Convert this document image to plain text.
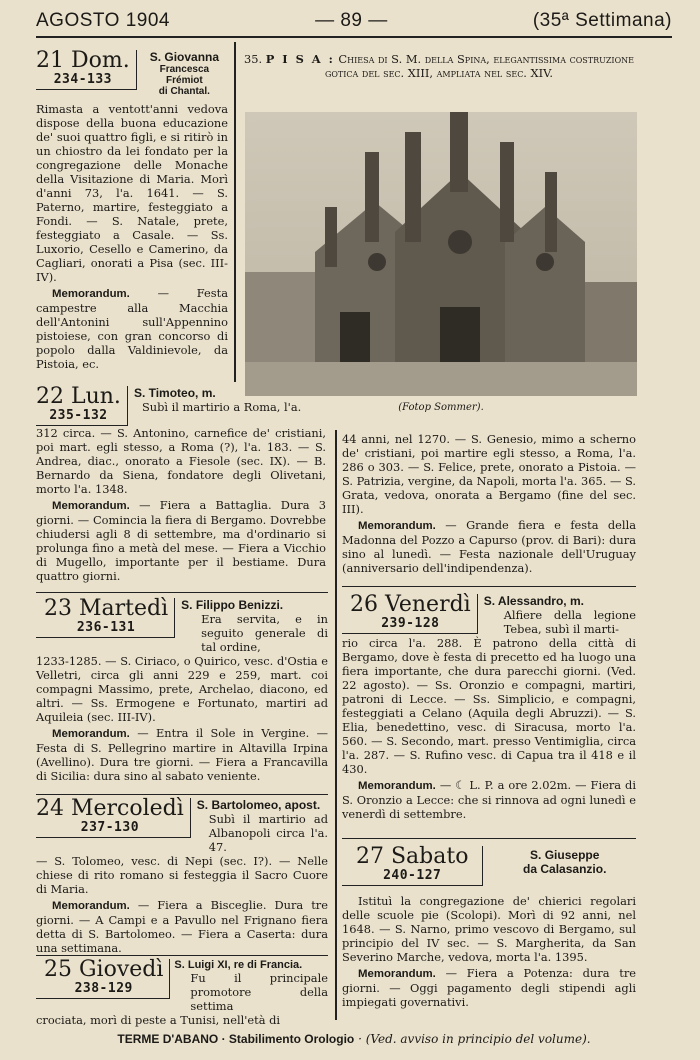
AGOSTO 1904	— 89 —	(35ª Settimana)
21 Dom.
234-133
S. Giovanna
Francesca Frémiot
di Chantal.

Rimasta a ventott'anni vedova dispose della buona educazione de' suoi quattro figli, e si ritirò in un chiostro da lei fondato per la congregazione delle Monache della Visitazione di Maria. Morì d'anni 73, l'a. 1641. — S. Paterno, martire, festeggiato a Fondi. — S. Natale, prete, festeggiato a Casale. — Ss. Luxorio, Cesello e Camerino, da Cagliari, onorati a Pisa (sec. III-IV).

Memorandum. — Festa campestre alla Macchia dell'Antonini sull'Appennino pistoiese, con gran concorso di popolo dalla Valdinievole, da Pistoia, ec.

35. P I S A : Chiesa di S. M. della Spina, elegantissima costruzione gotica del sec. XIII, ampliata nel sec. XIV.
(Fotop Sommer).
22 Lun.
235-132
S. Timoteo, m.

Subì il martirio a Roma, l'a.

312 circa. — S. Antonino, carnefice de' cristiani, poi mart. egli stesso, a Roma (?), l'a. 183. — S. Andrea, diac., onorato a Fiesole (sec. IX). — B. Bernardo da Siena, fondatore degli Olivetani, morto l'a. 1348.

Memorandum. — Fiera a Battaglia. Dura 3 giorni. — Comincia la fiera di Bergamo. Dovrebbe chiudersi agli 8 di settembre, ma d'ordinario si prolunga fino a metà del mese. — Fiera a Vicchio di Mugello, importante per il bestiame. Dura quattro giorni.

44 anni, nel 1270. — S. Genesio, mimo a scherno de' cristiani, poi martire egli stesso, a Roma, l'a. 286 o 303. — S. Felice, prete, onorato a Pistoia. — S. Patrizia, vergine, da Napoli, morta l'a. 365. — S. Grata, vedova, onorata a Bergamo (fine del sec. III).

Memorandum. — Grande fiera e festa della Madonna del Pozzo a Capurso (prov. di Bari): dura sino al lunedì. — Festa nazionale dell'Uruguay (anniversario dell'indipendenza).

23 Martedì
236-131
S. Filippo Benizzi.

Era servita, e in seguito generale di tal ordine,

1233-1285. — S. Ciriaco, o Quirico, vesc. d'Ostia e Velletri, circa gli anni 229 e 259, mart. coi compagni Massimo, prete, Archelao, diacono, ed altri. — Ss. Ermogene e Fortunato, martiri ad Aquileia (sec. III-IV).

Memorandum. — Entra il Sole in Vergine. — Festa di S. Pellegrino martire in Altavilla Irpina (Avellino). Dura tre giorni. — Fiera a Francavilla di Sicilia: dura sino al sabato veniente.

24 Mercoledì
237-130
S. Bartolomeo, apost.

Subì il martirio ad Albanopoli circa l'a. 47.

— S. Tolomeo, vesc. di Nepi (sec. I?). — Nelle chiese di rito romano si festeggia il Sacro Cuore di Maria.

Memorandum. — Fiera a Bisceglie. Dura tre giorni. — A Campi e a Pavullo nel Frignano fiera detta di S. Bartolomeo. — Fiera a Caserta: dura una settimana.

25 Giovedì
238-129
S. Luigi XI, re di Francia.

Fu il principale promotore della settima

crociata, morì di peste a Tunisi, nell'età di

26 Venerdì
239-128
S. Alessandro, m.

Alfiere della legione Tebea, subì il marti-

rio circa l'a. 288. È patrono della città di Bergamo, dove è festa di precetto ed ha luogo una fiera importante, che dura parecchi giorni. (Ved. 22 agosto). — Ss. Oronzio e compagni, martiri, patroni di Lecce. — Ss. Simplicio, e compagni, festeggiati a Celano (Aquila degli Abruzzi). — S. Elia, benedettino, vesc. di Siracusa, morto l'a. 560. — S. Secondo, mart. presso Ventimiglia, circa l'a. 287. — S. Rufino vesc. di Capua tra il 418 e il 430.

Memorandum. — ☾ L. P. a ore 2.02m. — Fiera di S. Oronzio a Lecce: che si rinnova ad ogni lunedì e venerdì di settembre.

27 Sabato
240-127
S. Giuseppe
da Calasanzio.

Istituì la congregazione de' chierici regolari delle scuole pie (Scolopi). Morì di 92 anni, nel 1648. — S. Narno, primo vescovo di Bergamo, sul principio del IV sec. — S. Margherita, da San Severino Marche, vedova, morta l'a. 1395.

Memorandum. — Fiera a Potenza: dura tre giorni. — Oggi pagamento degli stipendi agli impiegati governativi.

TERME D'ABANO · Stabilimento Orologio · (Ved. avviso in principio del volume).
